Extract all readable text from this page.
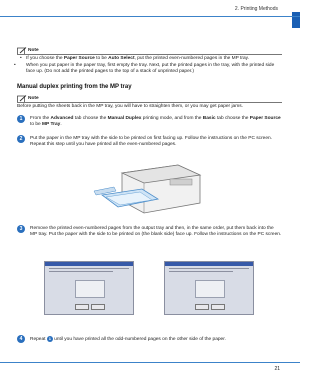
2. Printing Methods
Note
• If you choose the Paper Source to be Auto Select, put the printed even-numbered pages in the MP tray.
• When you put paper in the paper tray, first empty the tray. Next, put the printed pages in the tray, with the printed side face up. (Do not add the printed pages to the top of a stack of unprinted paper.)
Manual duplex printing from the MP tray
Note
Before putting the sheets back in the MP tray, you will have to straighten them, or you may get paper jams.
1	From the Advanced tab choose the Manual Duplex printing mode, and from the Basic tab choose the Paper Source to be MP Tray.
2	Put the paper in the MP tray with the side to be printed on first facing up. Follow the instructions on the PC screen. Repeat this step until you have printed all the even-numbered pages.
3	Remove the printed even-numbered pages from the output tray and then, in the same order, put them back into the MP tray. Put the paper with the side to be printed on (the blank side) face up. Follow the instructions on the PC screen.
4	Repeat 1 until you have printed all the odd-numbered pages on the other side of the paper.
21
